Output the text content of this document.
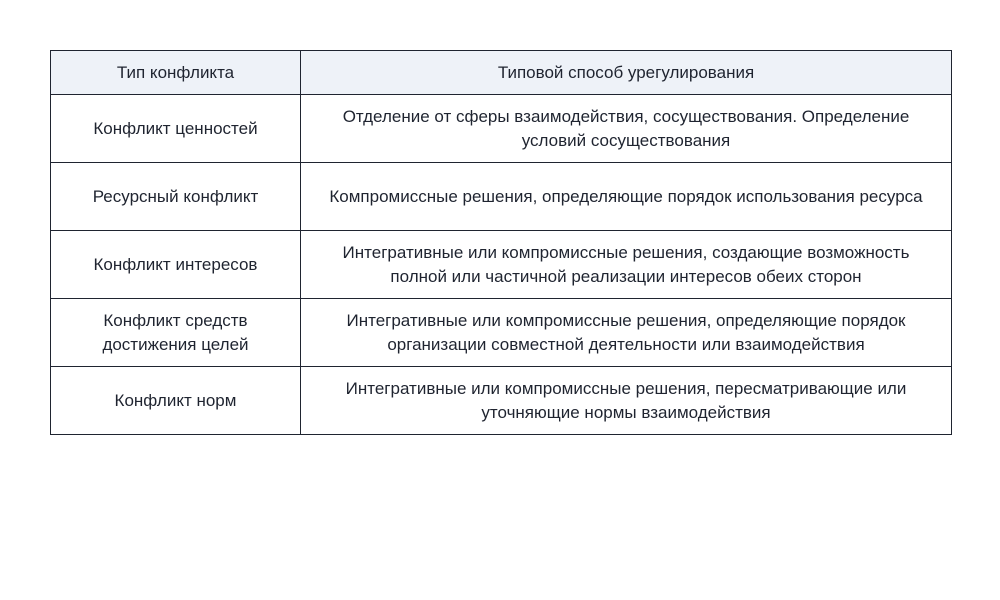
Тип конфликта	Типовой способ урегулирования
Конфликт ценностей	Отделение от сферы взаимодействия, сосуществования. Определение условий сосуществования
Ресурсный конфликт	Компромиссные решения, определяющие порядок использования ресурса
Конфликт интересов	Интегративные или компромиссные решения, создающие возможность полной или частичной реализации интересов обеих сторон
Конфликт средств достижения целей	Интегративные или компромиссные решения, определяющие порядок организации совместной деятельности или взаимодействия
Конфликт норм	Интегративные или компромиссные решения, пересматривающие или уточняющие нормы взаимодействия
